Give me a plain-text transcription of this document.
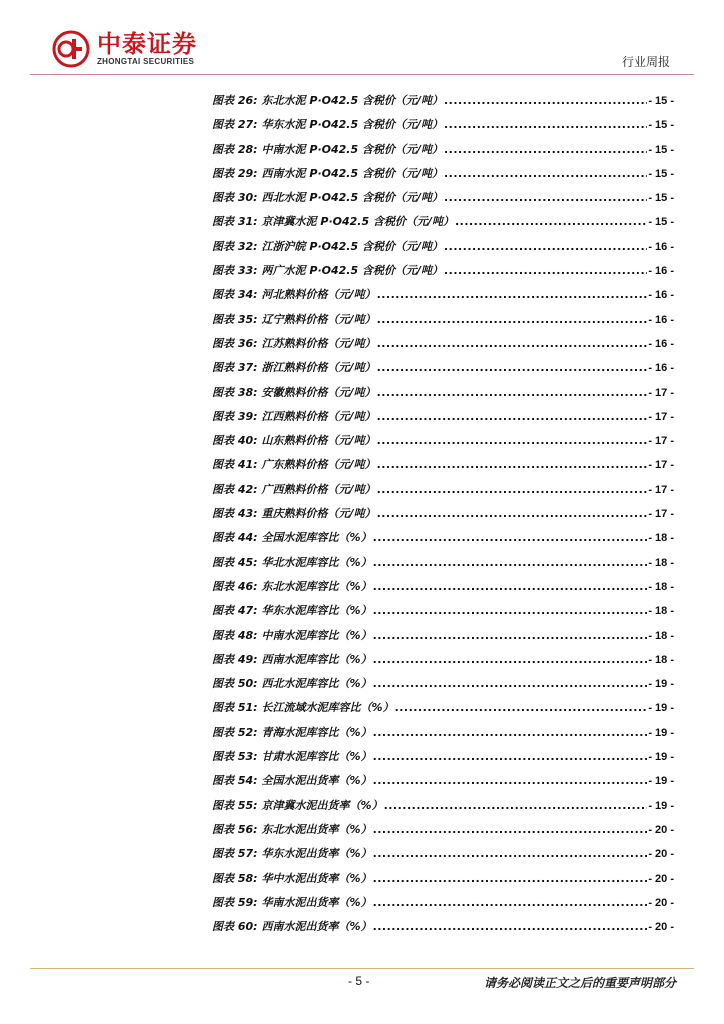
中泰证券
ZHONGTAI SECURITIES	行业周报
图表 26: 东北水泥 P·O42.5 含税价（元/吨） .....	- 15 -
图表 27: 华东水泥 P·O42.5 含税价（元/吨） .....	- 15 -
图表 28: 中南水泥 P·O42.5 含税价（元/吨） .....	- 15 -
图表 29: 西南水泥 P·O42.5 含税价（元/吨） .....	- 15 -
图表 30: 西北水泥 P·O42.5 含税价（元/吨） .....	- 15 -
图表 31: 京津冀水泥 P·O42.5 含税价（元/吨） .....	- 15 -
图表 32: 江浙沪皖 P·O42.5 含税价（元/吨） .....	- 16 -
图表 33: 两广水泥 P·O42.5 含税价（元/吨） .....	- 16 -
图表 34: 河北熟料价格（元/吨） .....	- 16 -
图表 35: 辽宁熟料价格（元/吨） .....	- 16 -
图表 36: 江苏熟料价格（元/吨） .....	- 16 -
图表 37: 浙江熟料价格（元/吨） .....	- 16 -
图表 38: 安徽熟料价格（元/吨） .....	- 17 -
图表 39: 江西熟料价格（元/吨） .....	- 17 -
图表 40: 山东熟料价格（元/吨） .....	- 17 -
图表 41: 广东熟料价格（元/吨） .....	- 17 -
图表 42: 广西熟料价格（元/吨） .....	- 17 -
图表 43: 重庆熟料价格（元/吨） .....	- 17 -
图表 44: 全国水泥库容比（%） .....	- 18 -
图表 45: 华北水泥库容比（%） .....	- 18 -
图表 46: 东北水泥库容比（%） .....	- 18 -
图表 47: 华东水泥库容比（%） .....	- 18 -
图表 48: 中南水泥库容比（%） .....	- 18 -
图表 49: 西南水泥库容比（%） .....	- 18 -
图表 50: 西北水泥库容比（%） .....	- 19 -
图表 51: 长江流域水泥库容比（%） .....	- 19 -
图表 52: 青海水泥库容比（%） .....	- 19 -
图表 53: 甘肃水泥库容比（%） .....	- 19 -
图表 54: 全国水泥出货率（%） .....	- 19 -
图表 55: 京津冀水泥出货率（%） .....	- 19 -
图表 56: 东北水泥出货率（%） .....	- 20 -
图表 57: 华东水泥出货率（%） .....	- 20 -
图表 58: 华中水泥出货率（%） .....	- 20 -
图表 59: 华南水泥出货率（%） .....	- 20 -
图表 60: 西南水泥出货率（%） .....	- 20 -
- 5 -	请务必阅读正文之后的重要声明部分
